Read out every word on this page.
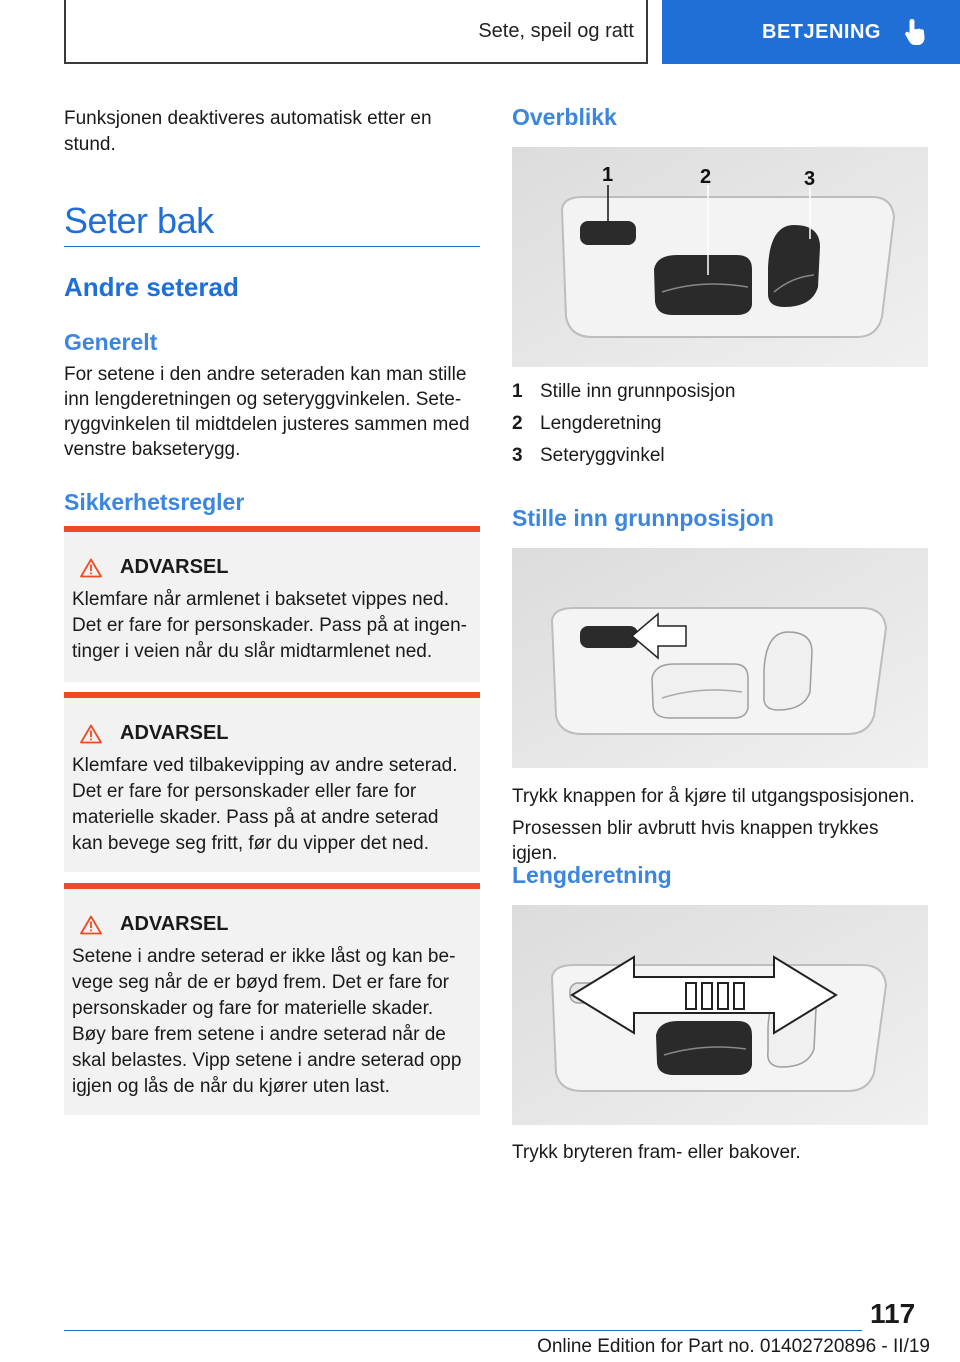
Sete, speil og ratt	BETJENING
Funksjonen deaktiveres automatisk etter en stund.
Seter bak
Andre seterad
Generelt
For setene i den andre seteraden kan man stille inn lengderetningen og seteryggvinkelen. Seteryggvinkelen til midtdelen justeres sammen med venstre bakseterygg.
Sikkerhetsregler
ADVARSEL
Klemfare når armlenet i baksetet vippes ned. Det er fare for personskader. Pass på at ingentinger i veien når du slår midtarmlenet ned.
ADVARSEL
Klemfare ved tilbakevipping av andre seterad. Det er fare for personskader eller fare for materielle skader. Pass på at andre seterad kan bevege seg fritt, før du vipper det ned.
ADVARSEL
Setene i andre seterad er ikke låst og kan bevege seg når de er bøyd frem. Det er fare for personskader og fare for materielle skader. Bøy bare frem setene i andre seterad når de skal belastes. Vipp setene i andre seterad opp igjen og lås de når du kjører uten last.
Overblikk
1	2	3
1 Stille inn grunnposisjon
2 Lengderetning
3 Seteryggvinkel
Stille inn grunnposisjon
Trykk knappen for å kjøre til utgangsposisjonen.
Prosessen blir avbrutt hvis knappen trykkes igjen.
Lengderetning
Trykk bryteren fram- eller bakover.
117
Online Edition for Part no. 01402720896 - II/19
